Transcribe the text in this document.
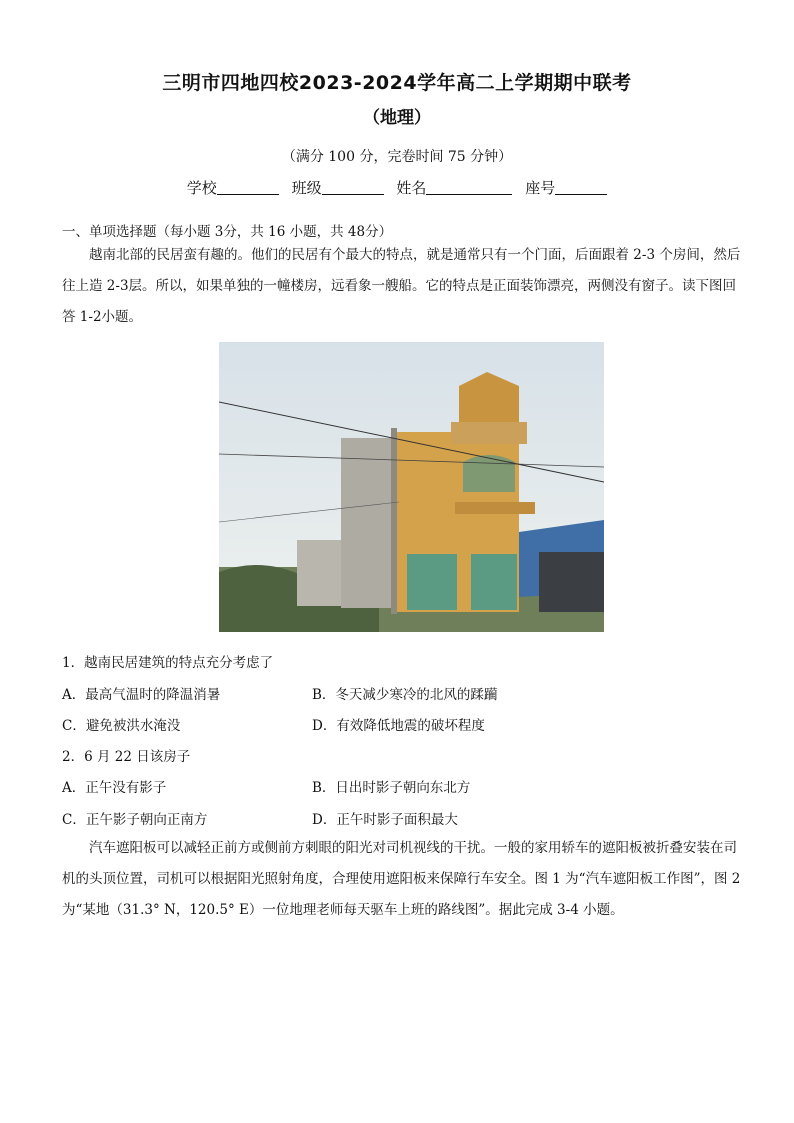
三明市四地四校2023-2024学年高二上学期期中联考
（地理）
（满分 100 分，完卷时间 75 分钟）
学校	班级	姓名	座号
一、单项选择题（每小题 3分，共 16 小题，共 48分）
越南北部的民居蛮有趣的。他们的民居有个最大的特点，就是通常只有一个门面，后面跟着 2-3 个房间，然后往上造 2-3层。所以，如果单独的一幢楼房，远看象一艘船。它的特点是正面装饰漂亮，两侧没有窗子。读下图回答 1-2小题。
1．越南民居建筑的特点充分考虑了
A．最高气温时的降温消暑	B．冬天减少寒冷的北风的蹂躏
C．避免被洪水淹没	D．有效降低地震的破坏程度
2．6 月 22 日该房子
A．正午没有影子	B．日出时影子朝向东北方
C．正午影子朝向正南方	D．正午时影子面积最大
汽车遮阳板可以减轻正前方或侧前方刺眼的阳光对司机视线的干扰。一般的家用轿车的遮阳板被折叠安装在司机的头顶位置，司机可以根据阳光照射角度，合理使用遮阳板来保障行车安全。图 1 为“汽车遮阳板工作图”，图 2 为“某地（31.3° N，120.5° E）一位地理老师每天驱车上班的路线图”。据此完成 3-4 小题。
